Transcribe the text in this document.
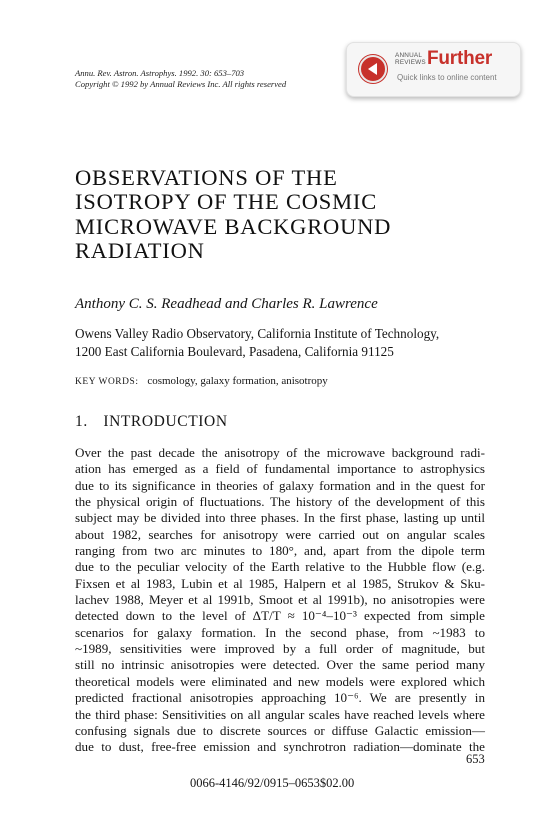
Annu. Rev. Astron. Astrophys. 1992. 30: 653–703
Copyright © 1992 by Annual Reviews Inc. All rights reserved
ANNUAL
REVIEWS Further
Quick links to online content
OBSERVATIONS OF THE
ISOTROPY OF THE COSMIC
MICROWAVE BACKGROUND
RADIATION
Anthony C. S. Readhead and Charles R. Lawrence
Owens Valley Radio Observatory, California Institute of Technology,
1200 East California Boulevard, Pasadena, California 91125
KEY WORDS: cosmology, galaxy formation, anisotropy
1. INTRODUCTION
Over the past decade the anisotropy of the microwave background radi-
ation has emerged as a field of fundamental importance to astrophysics
due to its significance in theories of galaxy formation and in the quest for
the physical origin of fluctuations. The history of the development of this
subject may be divided into three phases. In the first phase, lasting up until
about 1982, searches for anisotropy were carried out on angular scales
ranging from two arc minutes to 180°, and, apart from the dipole term
due to the peculiar velocity of the Earth relative to the Hubble flow (e.g.
Fixsen et al 1983, Lubin et al 1985, Halpern et al 1985, Strukov & Sku-
lachev 1988, Meyer et al 1991b, Smoot et al 1991b), no anisotropies were
detected down to the level of ΔT/T ≈ 10⁻⁴–10⁻³ expected from simple
scenarios for galaxy formation. In the second phase, from ~1983 to
~1989, sensitivities were improved by a full order of magnitude, but
still no intrinsic anisotropies were detected. Over the same period many
theoretical models were eliminated and new models were explored which
predicted fractional anisotropies approaching 10⁻⁶. We are presently in
the third phase: Sensitivities on all angular scales have reached levels where
confusing signals due to discrete sources or diffuse Galactic emission—
due to dust, free-free emission and synchrotron radiation—dominate the
653
0066-4146/92/0915–0653$02.00
